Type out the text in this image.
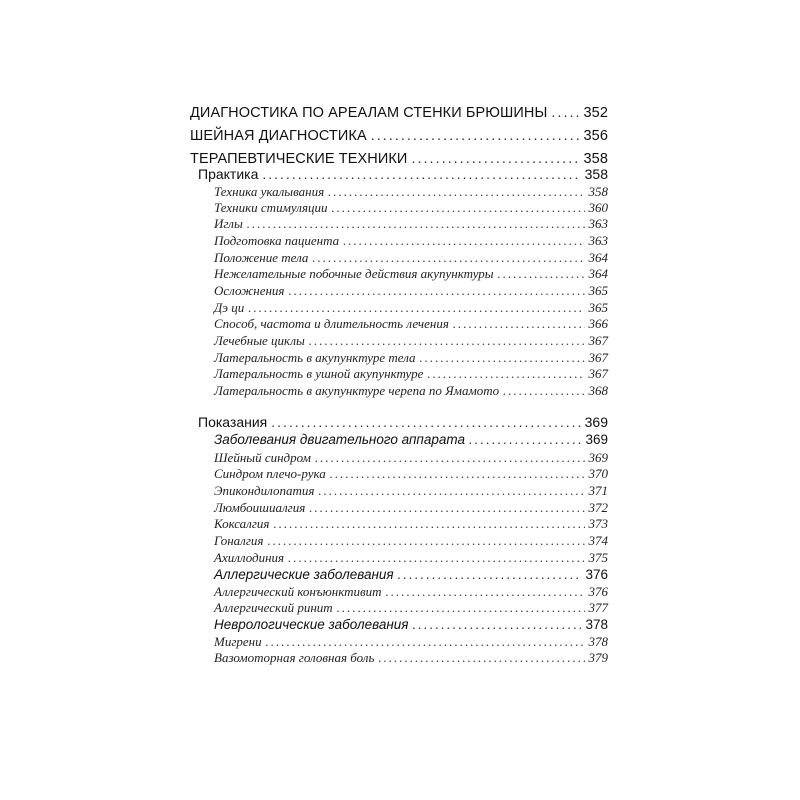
ДИАГНОСТИКА ПО АРЕАЛАМ СТЕНКИ БРЮШИНЫ ..... 352
ШЕЙНАЯ ДИАГНОСТИКА .....	356
ТЕРАПЕВТИЧЕСКИЕ ТЕХНИКИ .....	358
Практика .....	358
Техника укалывания .....	358
Техники стимуляции .....	360
Иглы .....	363
Подготовка пациента .....	363
Положение тела .....	364
Нежелательные побочные действия акупунктуры .....	364
Осложнения .....	365
Дэ ци .....	365
Способ, частота и длительность лечения .....	366
Лечебные циклы .....	367
Латеральность в акупунктуре тела .....	367
Латеральность в ушной акупунктуре .....	367
Латеральность в акупунктуре черепа по Ямамото .....	368
Показания .....	369
Заболевания двигательного аппарата .....	369
Шейный синдром .....	369
Синдром плечо-рука .....	370
Эпикондилопатия .....	371
Люмбоишиалгия .....	372
Коксалгия .....	373
Гоналгия .....	374
Ахиллодиния .....	375
Аллергические заболевания .....	376
Аллергический конъюнктивит .....	376
Аллергический ринит .....	377
Неврологические заболевания .....	378
Мигрени .....	378
Вазомоторная головная боль .....	379
